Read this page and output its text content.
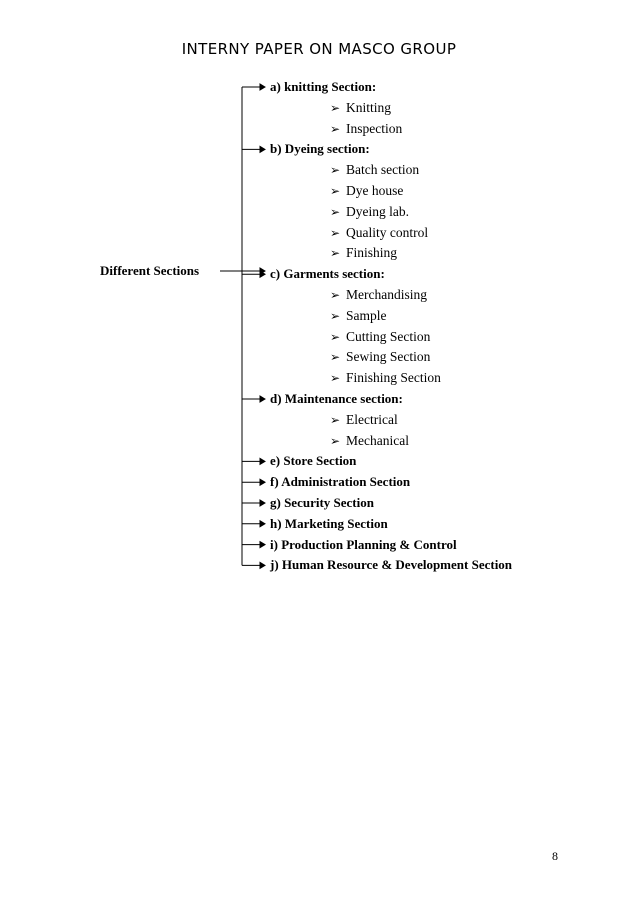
INTERNY PAPER ON MASCO GROUP
Different Sections
a) knitting Section:
➢ Knitting
➢ Inspection
b) Dyeing section:
➢ Batch section
➢ Dye house
➢ Dyeing lab.
➢ Quality control
➢ Finishing
c) Garments section:
➢ Merchandising
➢ Sample
➢ Cutting Section
➢ Sewing Section
➢ Finishing Section
d) Maintenance section:
➢ Electrical
➢ Mechanical
e) Store Section
f) Administration Section
g) Security Section
h) Marketing Section
i) Production Planning & Control
j) Human Resource & Development Section
8
